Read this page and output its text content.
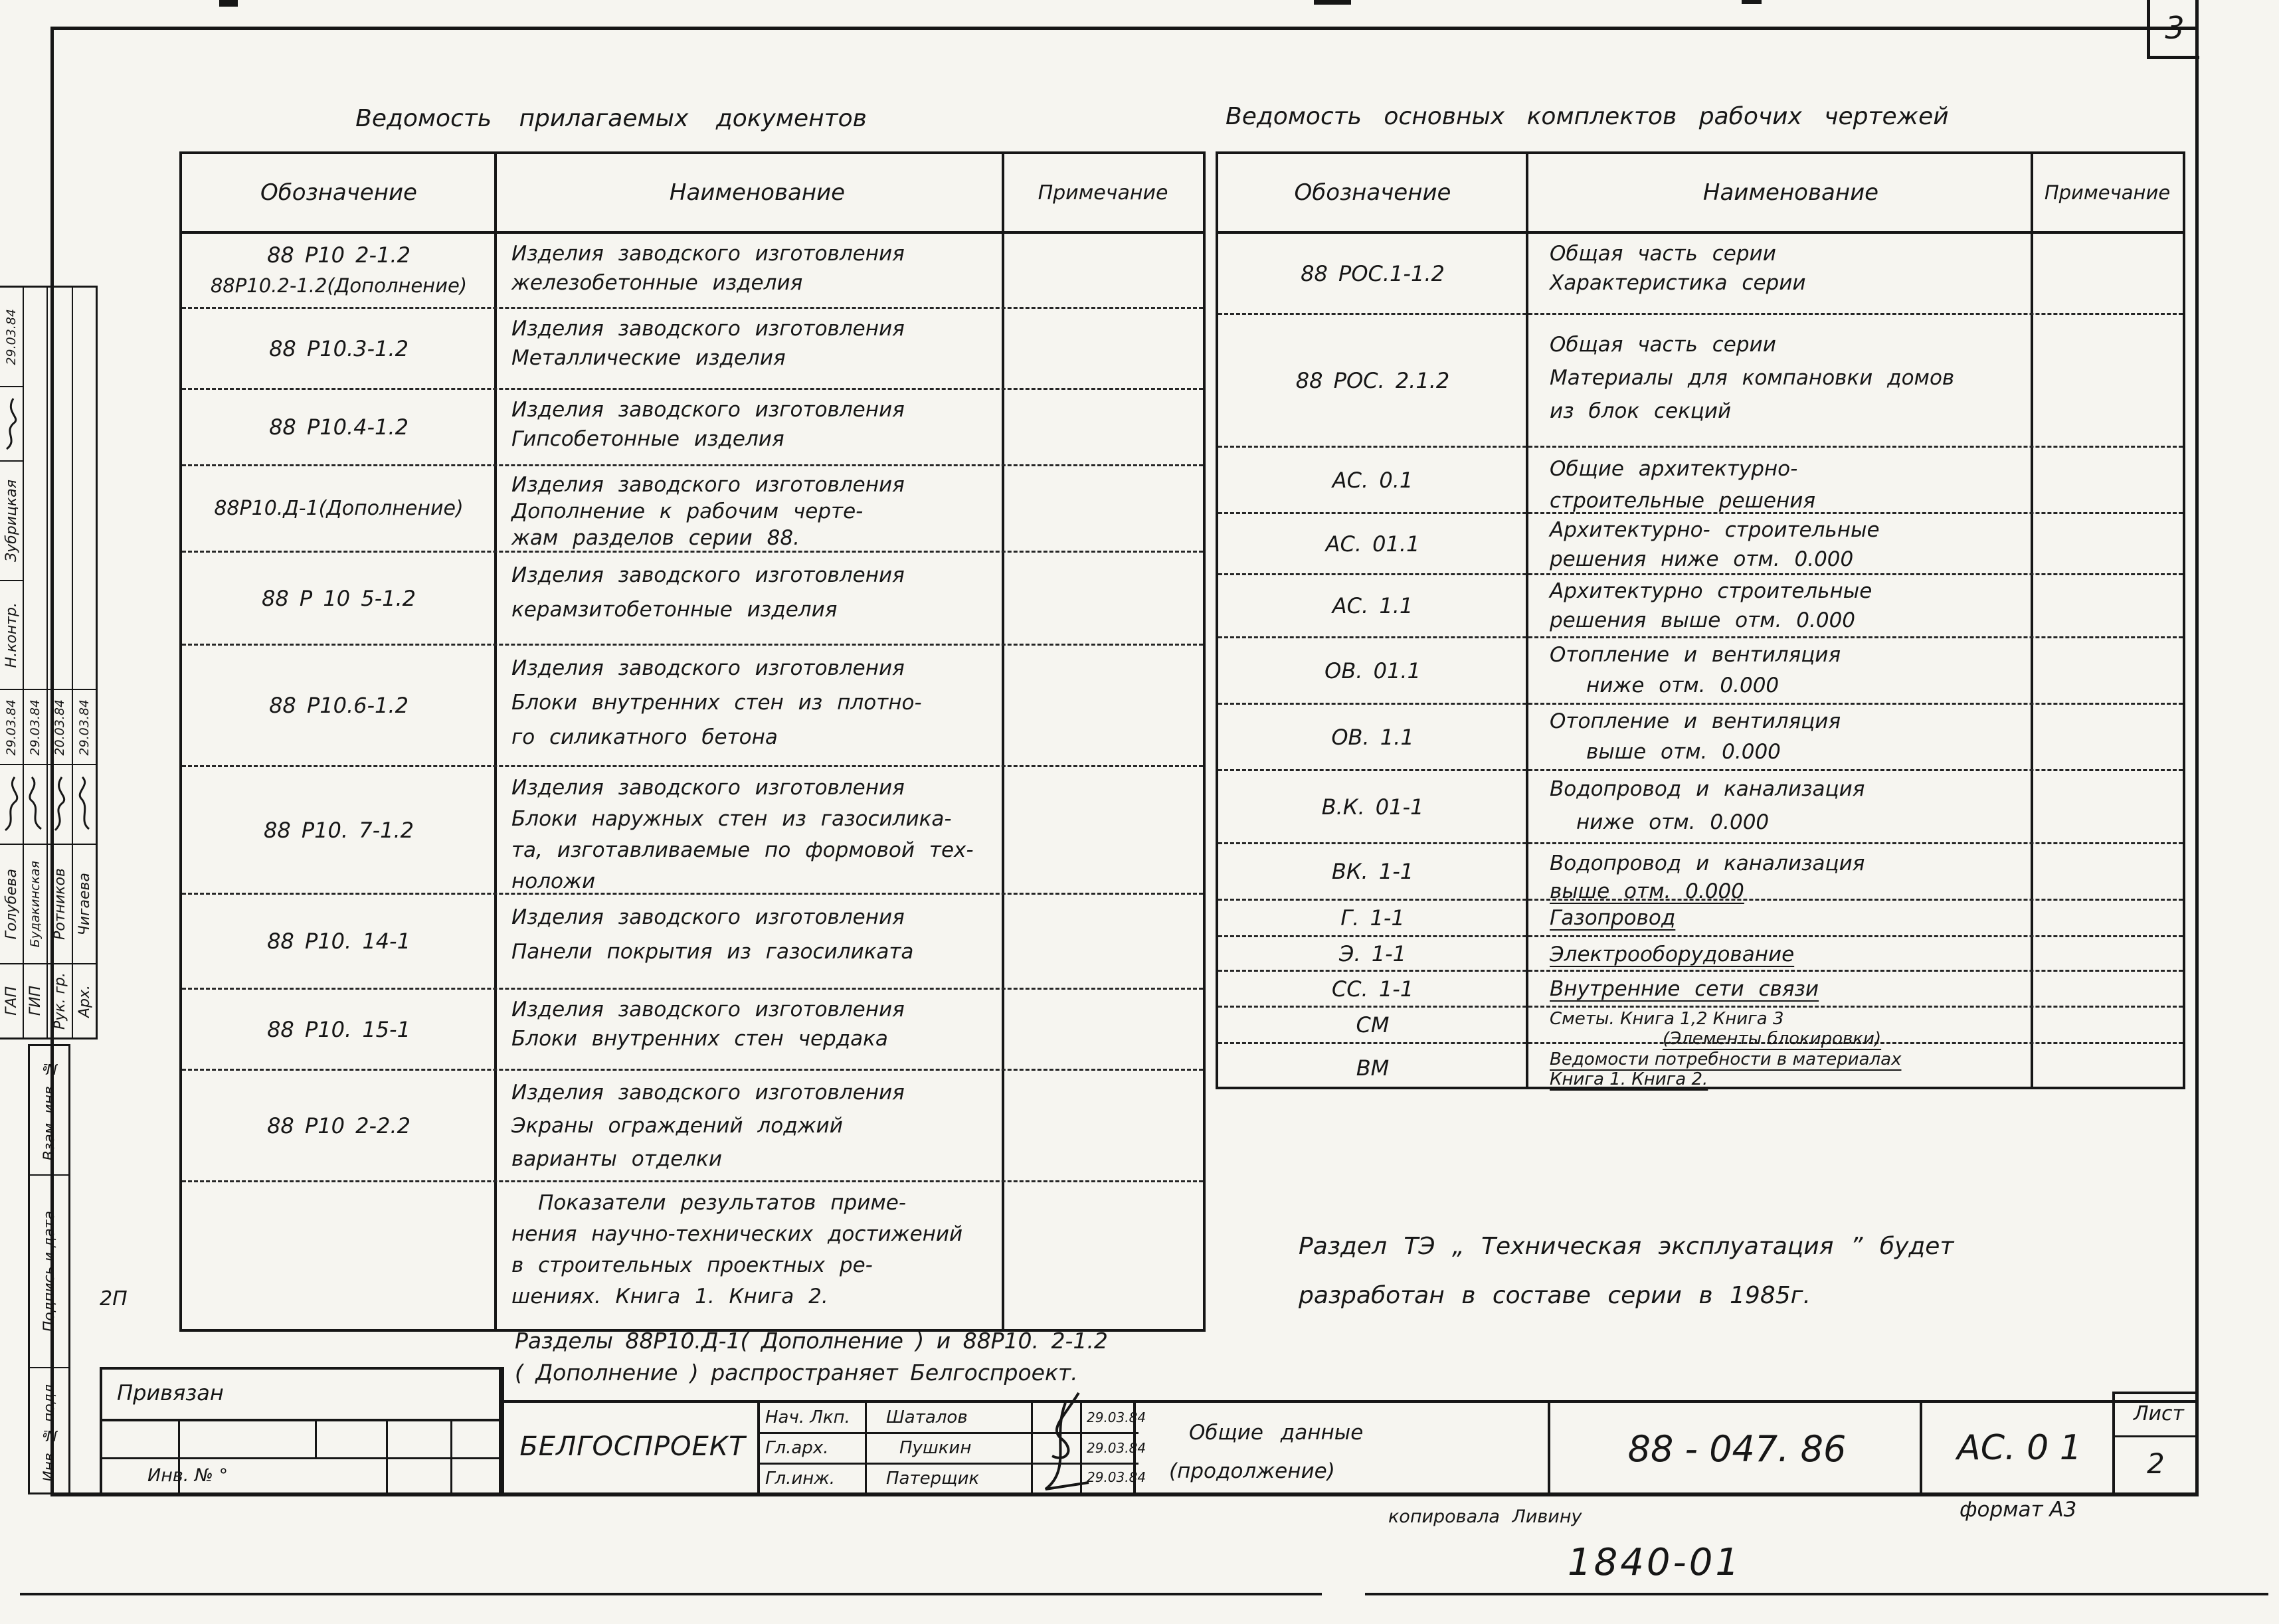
3
29.03.84
Зубрицкая
Н.контр.
29.03.84
Голубева
ГАП
29.03.84
Будакинская
ГИП
20.03.84
Ротников
Рук. гр.
29.03.84
Чигаева
Арх.
Взам. инв. №
Подпись и дата
Инв. № подл.
Ведомость прилагаемых документов
Обозначение	Наименование	Примечание
88 Р10 2-1.2
88Р10.2-1.2(Дополнение)
Изделия заводского изготовления
железобетонные изделия
88 Р10.3-1.2
Изделия заводского изготовления
Металлические изделия
88 Р10.4-1.2
Изделия заводского изготовления
Гипсобетонные изделия
88Р10.Д-1(Дополнение)
Изделия заводского изготовления
Дополнение к рабочим черте-
жам разделов серии 88.
88 Р 10 5-1.2
Изделия заводского изготовления
керамзитобетонные изделия
88 Р10.6-1.2
Изделия заводского изготовления
Блоки внутренних стен из плотно-
го силикатного бетона
88 Р10. 7-1.2
Изделия заводского изготовления
Блоки наружных стен из газосилика-
та, изготавливаемые по формовой тех-
ноложи
88 Р10. 14-1
Изделия заводского изготовления
Панели покрытия из газосиликата
88 Р10. 15-1
Изделия заводского изготовления
Блоки внутренних стен чердака
88 Р10 2-2.2
Изделия заводского изготовления
Экраны ограждений лоджий
варианты отделки
Показатели результатов приме-
нения научно-технических достижений
в строительных проектных ре-
шениях. Книга 1. Книга 2.
Ведомость основных комплектов рабочих чертежей
Обозначение	Наименование	Примечание
88 РОС.1-1.2
Общая часть серии
Характеристика серии
88 РОС. 2.1.2
Общая часть серии
Материалы для компановки домов
из блок секций
АС. 0.1	Общие архитектурно-
строительные решения
АС. 01.1
Архитектурно- строительные
решения ниже отм. 0.000
АС. 1.1
Архитектурно строительные
решения выше отм. 0.000
ОВ. 01.1
Отопление и вентиляция
ниже отм. 0.000
ОВ. 1.1
Отопление и вентиляция
выше отм. 0.000
В.К. 01-1
Водопровод и канализация
ниже отм. 0.000
ВК. 1-1	Водопровод и канализация
выше отм. 0.000
Г. 1-1	Газопровод
Э. 1-1	Электрооборудование
СС. 1-1	Внутренние сети связи
СМ	Сметы. Книга 1,2 Книга 3
(Элементы блокировки)
ВМ	Ведомости потребности в материалах
Книга 1. Книга 2.
Раздел ТЭ „ Техническая эксплуатация ” будет
разработан в составе серии в 1985г.
2П
Привязан
Инв. № °
Разделы 88Р10.Д-1( Дополнение ) и 88Р10. 2-1.2
( Дополнение ) распространяет Белгоспроект.
БЕЛГОСПРОЕКТ
Нач. Лкп. Шаталов	29.03.84
Гл.арх.	Пушкин	29.03.84
Гл.инж.	Патерщик	29.03.84
Общие данные
(продолжение)
88 - 047. 86	АС. 0 1
Лист
2
копировала Ливину	формат А3
1840-01
